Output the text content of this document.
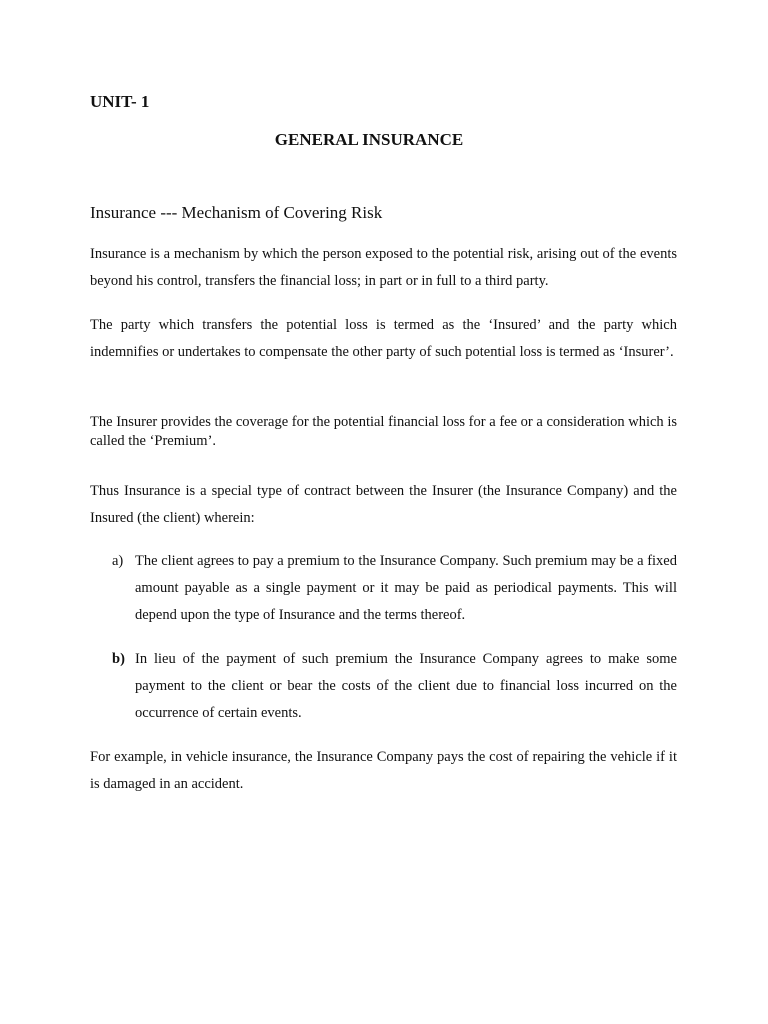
UNIT- 1
GENERAL INSURANCE
Insurance --- Mechanism of Covering Risk

Insurance is a mechanism by which the person exposed to the potential risk, arising out of the events beyond his control, transfers the financial loss; in part or in full to a third party.

The party which transfers the potential loss is termed as the ‘Insured’ and the party which indemnifies or undertakes to compensate the other party of such potential loss is termed as ‘Insurer’.

The Insurer provides the coverage for the potential financial loss for a fee or a consideration which is called the ‘Premium’.

Thus Insurance is a special type of contract between the Insurer (the Insurance Company) and the Insured (the client) wherein:

a) The client agrees to pay a premium to the Insurance Company. Such premium may be a fixed amount payable as a single payment or it may be paid as periodical payments. This will depend upon the type of Insurance and the terms thereof.
b) In lieu of the payment of such premium the Insurance Company agrees to make some payment to the client or bear the costs of the client due to financial loss incurred on the occurrence of certain events.

For example, in vehicle insurance, the Insurance Company pays the cost of repairing the vehicle if it is damaged in an accident.
